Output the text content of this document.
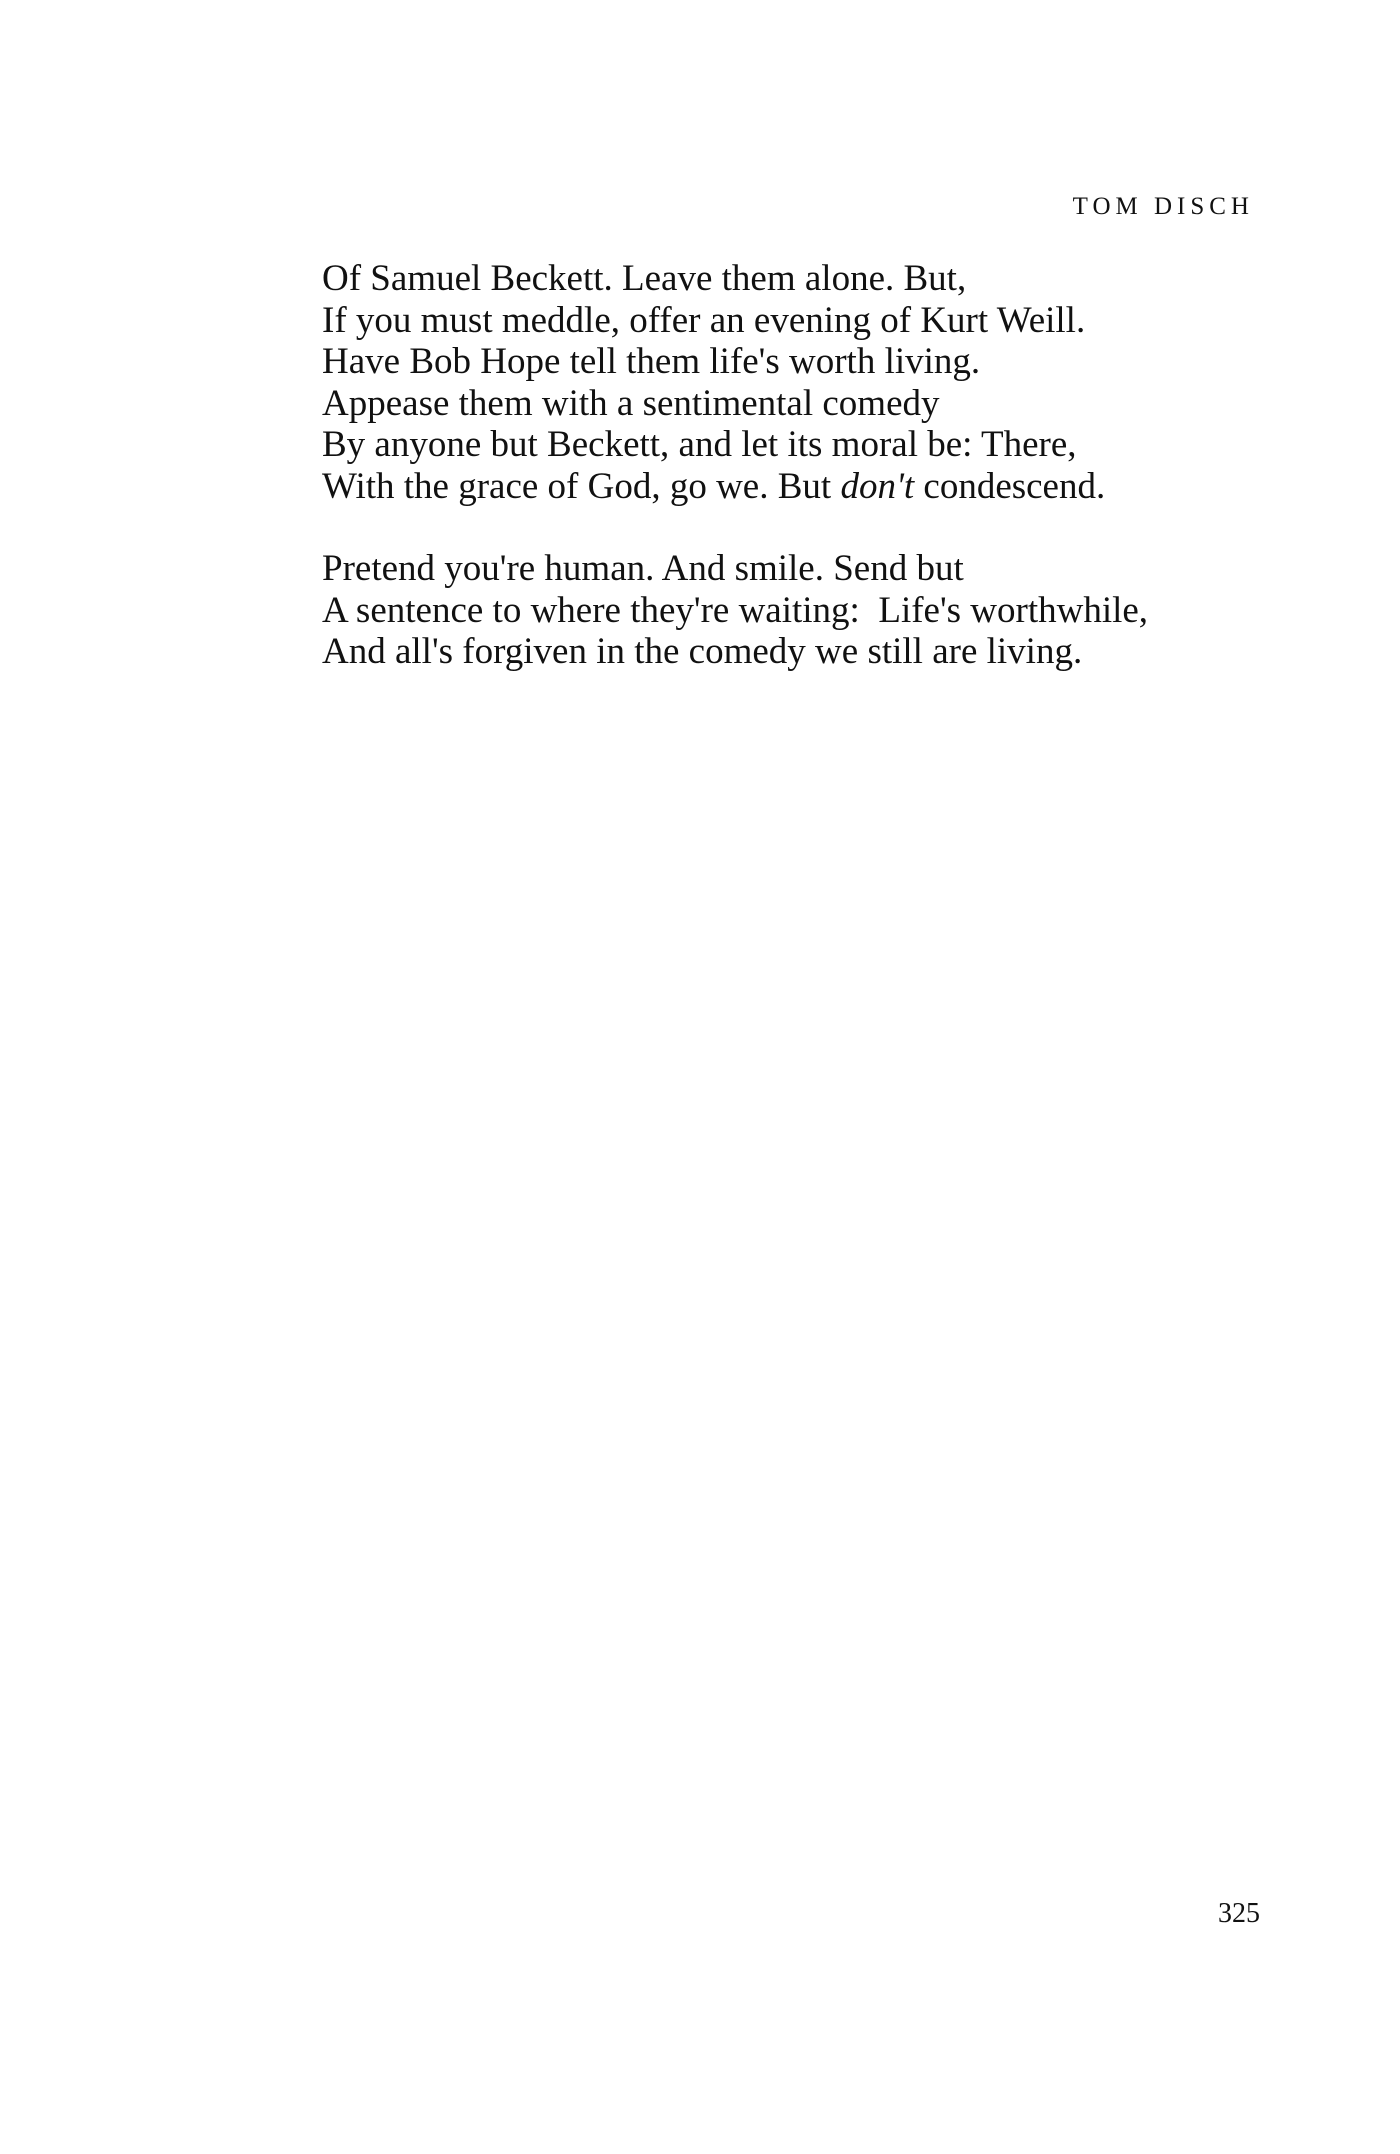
TOM DISCH
Of Samuel Beckett. Leave them alone. But,
If you must meddle, offer an evening of Kurt Weill.
Have Bob Hope tell them life's worth living.
Appease them with a sentimental comedy
By anyone but Beckett, and let its moral be: There,
With the grace of God, go we. But don't condescend.
Pretend you're human. And smile. Send but
A sentence to where they're waiting:  Life's worthwhile,
And all's forgiven in the comedy we still are living.
325
